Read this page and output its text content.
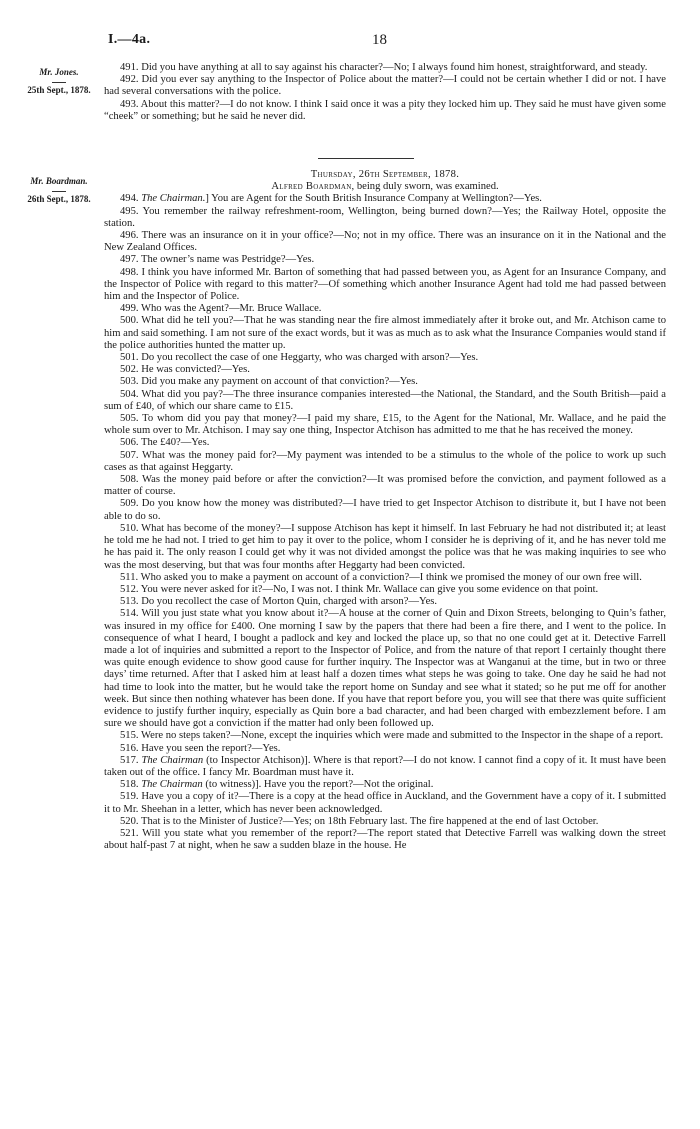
I.—4a.	18
Mr. Jones.
25th Sept., 1878.

491. Did you have anything at all to say against his character?—No; I always found him honest, straightforward, and steady.

492. Did you ever say anything to the Inspector of Police about the matter?—I could not be certain whether I did or not. I have had several conversations with the police.

493. About this matter?—I do not know. I think I said once it was a pity they locked him up. They said he must have given some “cheek” or something; but he said he never did.

Mr. Boardman.
26th Sept., 1878.

Thursday, 26th September, 1878.

Alfred Boardman, being duly sworn, was examined.

494. The Chairman.] You are Agent for the South British Insurance Company at Wellington?—Yes.

495. You remember the railway refreshment-room, Wellington, being burned down?—Yes; the Railway Hotel, opposite the station.

496. There was an insurance on it in your office?—No; not in my office. There was an insurance on it in the National and the New Zealand Offices.

497. The owner’s name was Pestridge?—Yes.

498. I think you have informed Mr. Barton of something that had passed between you, as Agent for an Insurance Company, and the Inspector of Police with regard to this matter?—Of something which another Insurance Agent had told me had passed between him and the Inspector of Police.

499. Who was the Agent?—Mr. Bruce Wallace.

500. What did he tell you?—That he was standing near the fire almost immediately after it broke out, and Mr. Atchison came to him and said something. I am not sure of the exact words, but it was as much as to ask what the Insurance Companies would stand if the police authorities hunted the matter up.

501. Do you recollect the case of one Heggarty, who was charged with arson?—Yes.

502. He was convicted?—Yes.

503. Did you make any payment on account of that conviction?—Yes.

504. What did you pay?—The three insurance companies interested—the National, the Standard, and the South British—paid a sum of £40, of which our share came to £15.

505. To whom did you pay that money?—I paid my share, £15, to the Agent for the National, Mr. Wallace, and he paid the whole sum over to Mr. Atchison. I may say one thing, Inspector Atchison has admitted to me that he has received the money.

506. The £40?—Yes.

507. What was the money paid for?—My payment was intended to be a stimulus to the whole of the police to work up such cases as that against Heggarty.

508. Was the money paid before or after the conviction?—It was promised before the conviction, and payment followed as a matter of course.

509. Do you know how the money was distributed?—I have tried to get Inspector Atchison to distribute it, but I have not been able to do so.

510. What has become of the money?—I suppose Atchison has kept it himself. In last February he had not distributed it; at least he told me he had not. I tried to get him to pay it over to the police, whom I consider he is depriving of it, and he has never told me he has paid it. The only reason I could get why it was not divided amongst the police was that he was making inquiries to see who was the most deserving, but that was four months after Heggarty had been convicted.

511. Who asked you to make a payment on account of a conviction?—I think we promised the money of our own free will.

512. You were never asked for it?—No, I was not. I think Mr. Wallace can give you some evidence on that point.

513. Do you recollect the case of Morton Quin, charged with arson?—Yes.

514. Will you just state what you know about it?—A house at the corner of Quin and Dixon Streets, belonging to Quin’s father, was insured in my office for £400. One morning I saw by the papers that there had been a fire there, and I went to the police. In consequence of what I heard, I bought a padlock and key and locked the place up, so that no one could get at it. Detective Farrell made a lot of inquiries and submitted a report to the Inspector of Police, and from the nature of that report I certainly thought there was quite enough evidence to show good cause for further inquiry. The Inspector was at Wanganui at the time, but in two or three days’ time returned. After that I asked him at least half a dozen times what steps he was going to take. One day he said he had not had time to look into the matter, but he would take the report home on Sunday and see what it stated; so he put me off for another week. But since then nothing whatever has been done. If you have that report before you, you will see that there was quite sufficient evidence to justify further inquiry, especially as Quin bore a bad character, and had been charged with embezzlement before. I am sure we should have got a conviction if the matter had only been followed up.

515. Were no steps taken?—None, except the inquiries which were made and submitted to the Inspector in the shape of a report.

516. Have you seen the report?—Yes.

517. The Chairman (to Inspector Atchison)]. Where is that report?—I do not know. I cannot find a copy of it. It must have been taken out of the office. I fancy Mr. Boardman must have it.

518. The Chairman (to witness)]. Have you the report?—Not the original.

519. Have you a copy of it?—There is a copy at the head office in Auckland, and the Government have a copy of it. I submitted it to Mr. Sheehan in a letter, which has never been acknowledged.

520. That is to the Minister of Justice?—Yes; on 18th February last. The fire happened at the end of last October.

521. Will you state what you remember of the report?—The report stated that Detective Farrell was walking down the street about half-past 7 at night, when he saw a sudden blaze in the house. He
